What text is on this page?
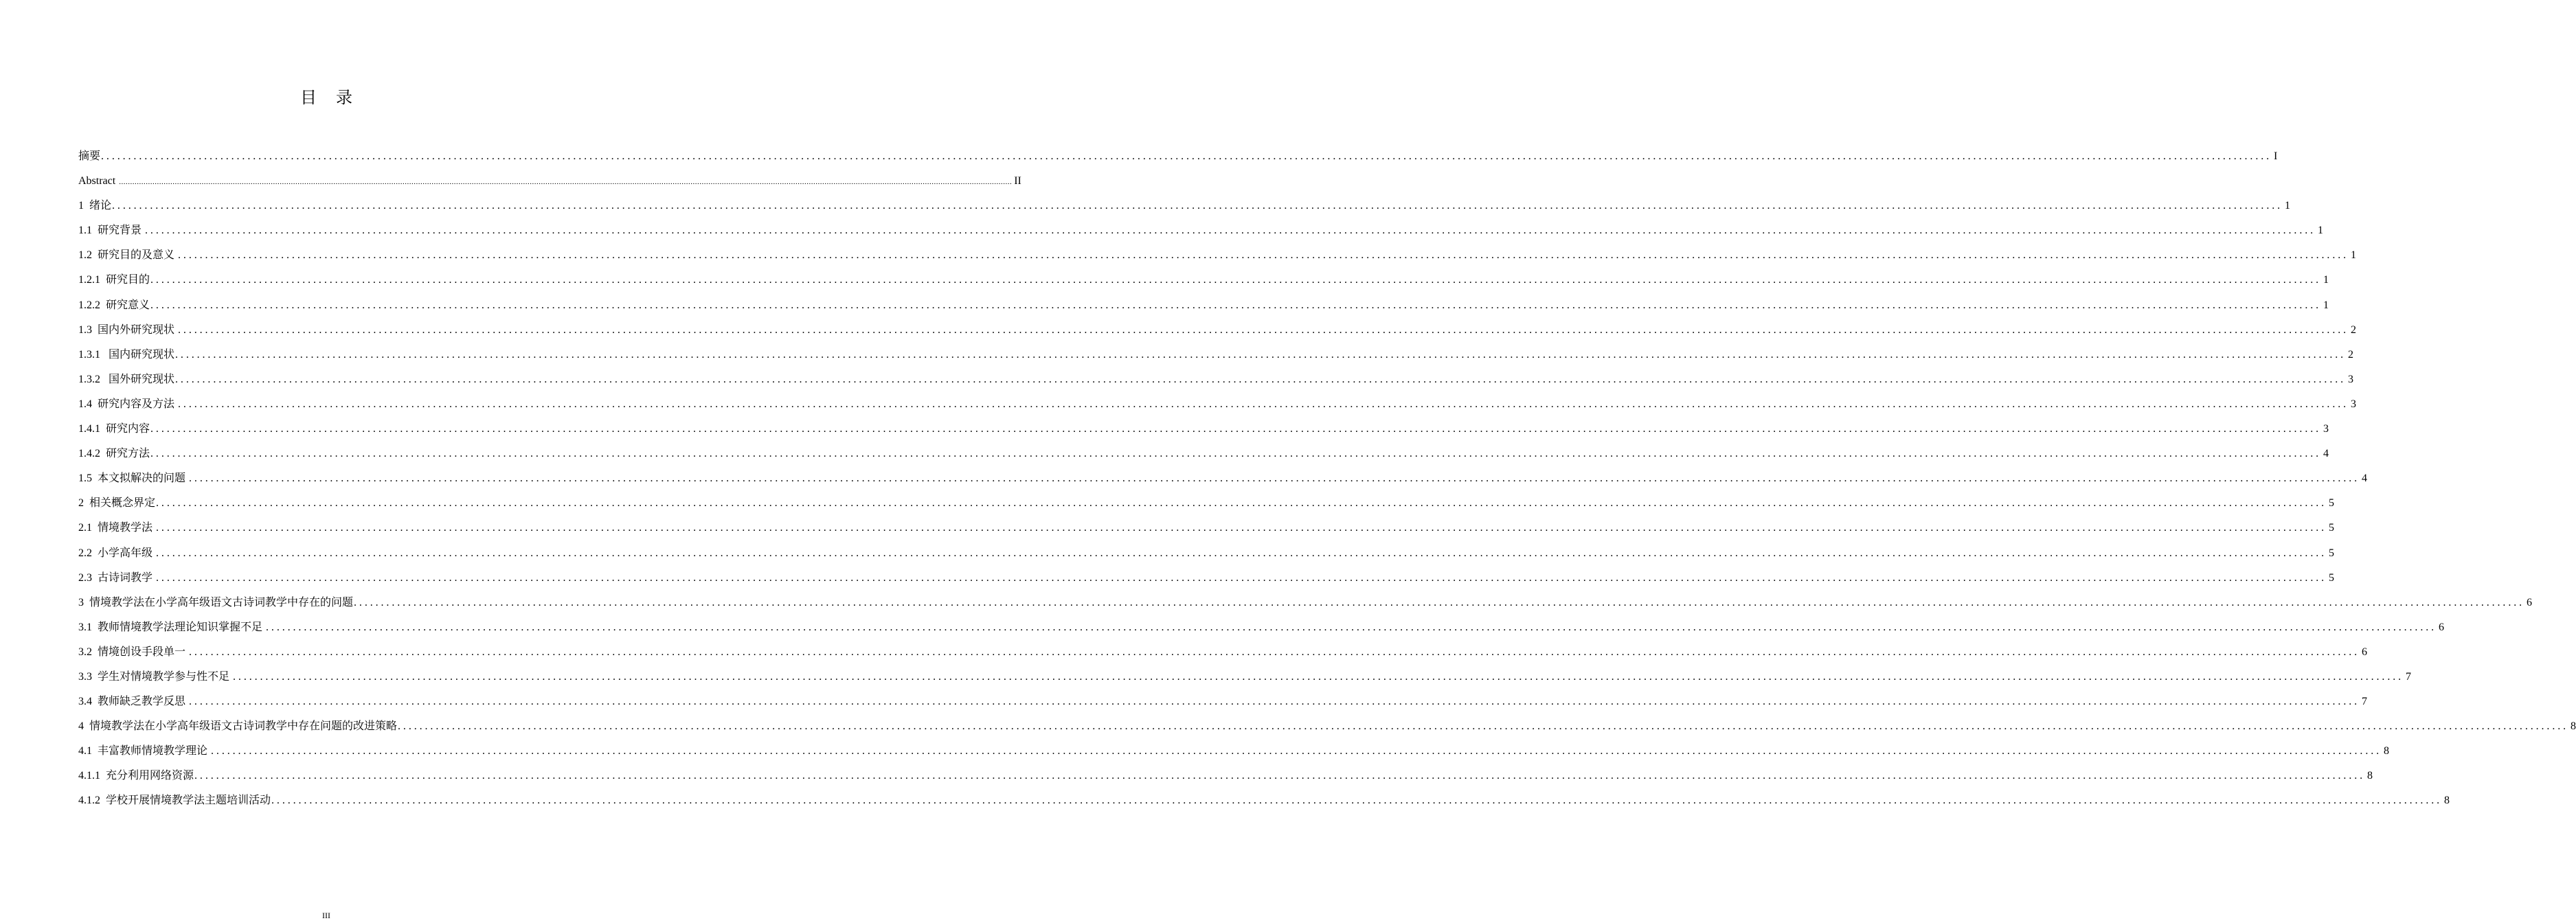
目录
摘要 ................................................................................................................................................................................................................................................................................................................................................................................................................ I
Abstract ................................................................................................................................................................................................................................................................................................................................................................................................................ II
1  绪论 ................................................................................................................................................................................................................................................................................................................................................................................................................ 1
1.1  研究背景 ................................................................................................................................................................................................................................................................................................................................................................................................................ 1
1.2  研究目的及意义 ................................................................................................................................................................................................................................................................................................................................................................................................................ 1
1.2.1  研究目的 ................................................................................................................................................................................................................................................................................................................................................................................................................ 1
1.2.2  研究意义 ................................................................................................................................................................................................................................................................................................................................................................................................................ 1
1.3  国内外研究现状 ................................................................................................................................................................................................................................................................................................................................................................................................................ 2
1.3.1   国内研究现状 ................................................................................................................................................................................................................................................................................................................................................................................................................ 2
1.3.2   国外研究现状 ................................................................................................................................................................................................................................................................................................................................................................................................................ 3
1.4  研究内容及方法 ................................................................................................................................................................................................................................................................................................................................................................................................................ 3
1.4.1  研究内容 ................................................................................................................................................................................................................................................................................................................................................................................................................ 3
1.4.2  研究方法 ................................................................................................................................................................................................................................................................................................................................................................................................................ 4
1.5  本文拟解决的问题 ................................................................................................................................................................................................................................................................................................................................................................................................................ 4
2  相关概念界定 ................................................................................................................................................................................................................................................................................................................................................................................................................ 5
2.1  情境教学法 ................................................................................................................................................................................................................................................................................................................................................................................................................ 5
2.2  小学高年级 ................................................................................................................................................................................................................................................................................................................................................................................................................ 5
2.3  古诗词教学 ................................................................................................................................................................................................................................................................................................................................................................................................................ 5
3  情境教学法在小学高年级语文古诗词教学中存在的问题 ................................................................................................................................................................................................................................................................................................................................................................................................................ 6
3.1  教师情境教学法理论知识掌握不足 ................................................................................................................................................................................................................................................................................................................................................................................................................ 6
3.2  情境创设手段单一 ................................................................................................................................................................................................................................................................................................................................................................................................................ 6
3.3  学生对情境教学参与性不足 ................................................................................................................................................................................................................................................................................................................................................................................................................ 7
3.4  教师缺乏教学反思 ................................................................................................................................................................................................................................................................................................................................................................................................................ 7
4  情境教学法在小学高年级语文古诗词教学中存在问题的改进策略 ................................................................................................................................................................................................................................................................................................................................................................................................................ 8
4.1  丰富教师情境教学理论 ................................................................................................................................................................................................................................................................................................................................................................................................................ 8
4.1.1  充分利用网络资源 ................................................................................................................................................................................................................................................................................................................................................................................................................ 8
4.1.2  学校开展情境教学法主题培训活动 ................................................................................................................................................................................................................................................................................................................................................................................................................ 8
III
